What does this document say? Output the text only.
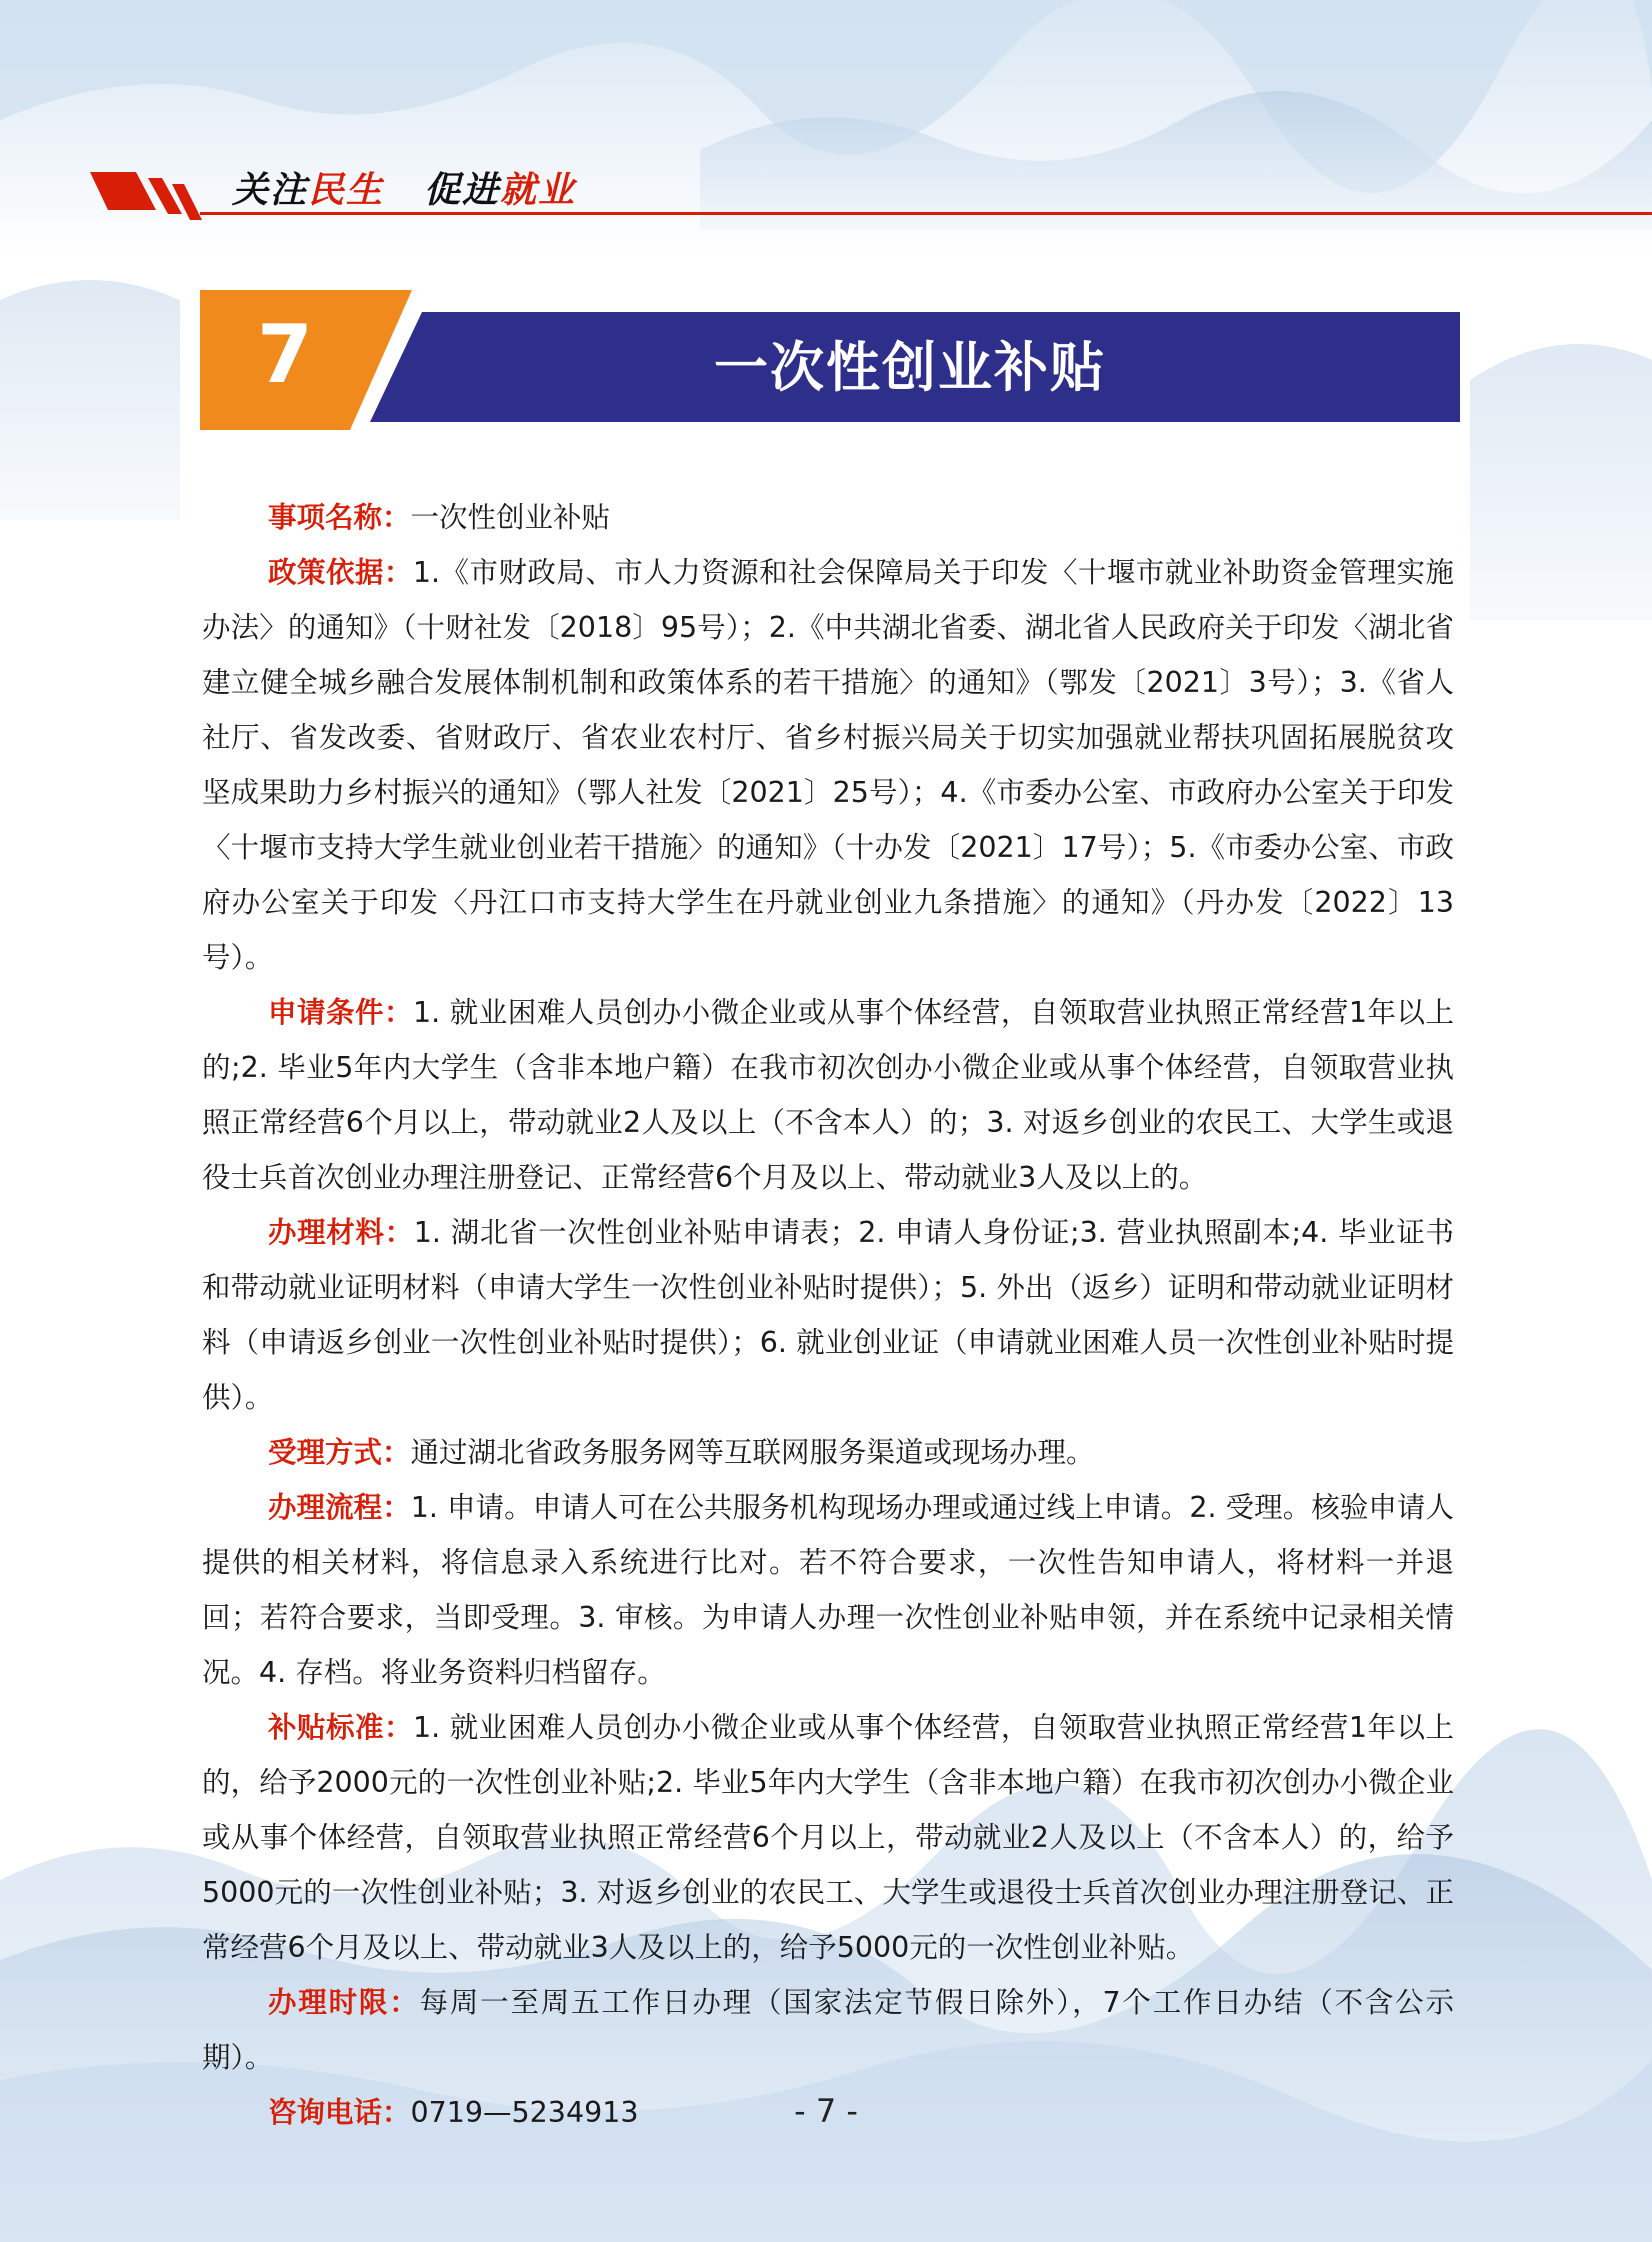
关注民生 促进就业
7	一次性创业补贴

事项名称：一次性创业补贴

政策依据：1.《市财政局、市人力资源和社会保障局关于印发〈十堰市就业补助资金管理实施办法〉的通知》（十财社发〔2018〕95号）；2.《中共湖北省委、湖北省人民政府关于印发〈湖北省建立健全城乡融合发展体制机制和政策体系的若干措施〉的通知》（鄂发〔2021〕3号）；3.《省人社厅、省发改委、省财政厅、省农业农村厅、省乡村振兴局关于切实加强就业帮扶巩固拓展脱贫攻坚成果助力乡村振兴的通知》（鄂人社发〔2021〕25号）；4.《市委办公室、市政府办公室关于印发〈十堰市支持大学生就业创业若干措施〉的通知》（十办发〔2021〕17号）；5.《市委办公室、市政府办公室关于印发〈丹江口市支持大学生在丹就业创业九条措施〉的通知》（丹办发〔2022〕13号）。

申请条件：1. 就业困难人员创办小微企业或从事个体经营，自领取营业执照正常经营1年以上的;2. 毕业5年内大学生（含非本地户籍）在我市初次创办小微企业或从事个体经营，自领取营业执照正常经营6个月以上，带动就业2人及以上（不含本人）的；3. 对返乡创业的农民工、大学生或退役士兵首次创业办理注册登记、正常经营6个月及以上、带动就业3人及以上的。

办理材料：1. 湖北省一次性创业补贴申请表；2. 申请人身份证;3. 营业执照副本;4. 毕业证书和带动就业证明材料（申请大学生一次性创业补贴时提供）；5. 外出（返乡）证明和带动就业证明材料（申请返乡创业一次性创业补贴时提供）；6. 就业创业证（申请就业困难人员一次性创业补贴时提供）。

受理方式：通过湖北省政务服务网等互联网服务渠道或现场办理。

办理流程：1. 申请。申请人可在公共服务机构现场办理或通过线上申请。2. 受理。核验申请人提供的相关材料，将信息录入系统进行比对。若不符合要求，一次性告知申请人，将材料一并退回；若符合要求，当即受理。3. 审核。为申请人办理一次性创业补贴申领，并在系统中记录相关情况。4. 存档。将业务资料归档留存。

补贴标准：1. 就业困难人员创办小微企业或从事个体经营，自领取营业执照正常经营1年以上的，给予2000元的一次性创业补贴;2. 毕业5年内大学生（含非本地户籍）在我市初次创办小微企业或从事个体经营，自领取营业执照正常经营6个月以上，带动就业2人及以上（不含本人）的，给予5000元的一次性创业补贴；3. 对返乡创业的农民工、大学生或退役士兵首次创业办理注册登记、正常经营6个月及以上、带动就业3人及以上的，给予5000元的一次性创业补贴。

办理时限：每周一至周五工作日办理（国家法定节假日除外），7个工作日办结（不含公示期）。

咨询电话：0719—5234913	- 7 -
